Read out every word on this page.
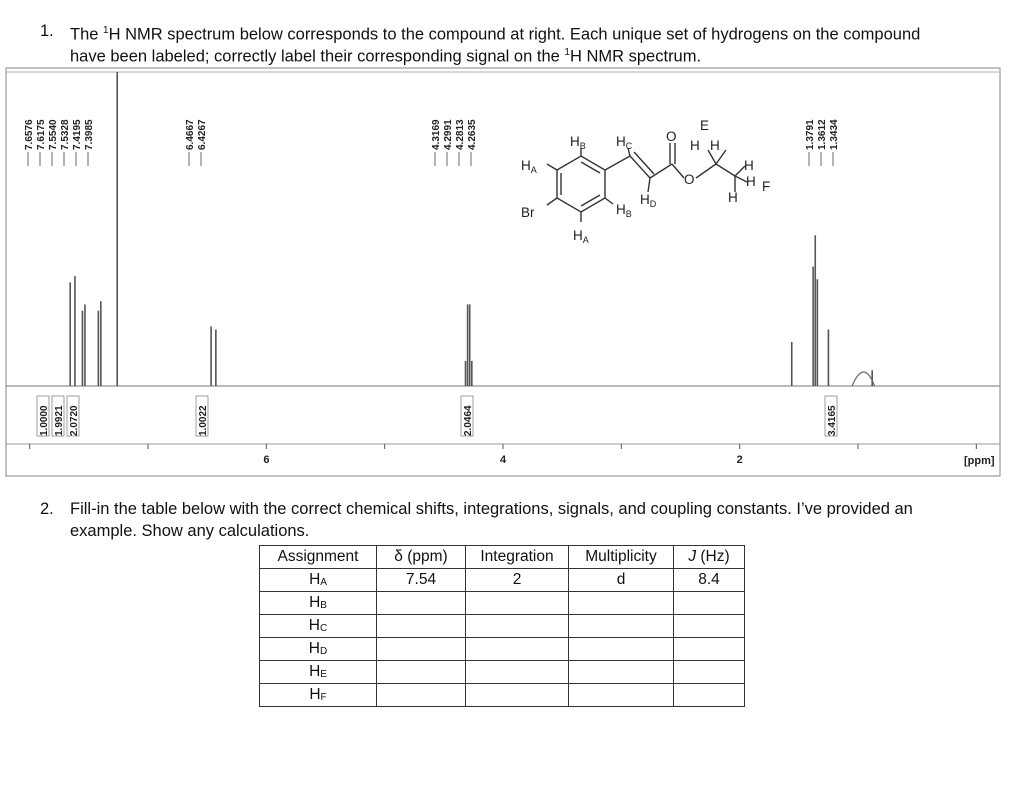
1. The $^1$H NMR spectrum below corresponds to the compound at right. Each unique set of hydrogens on the compound
have been labeled; correctly label their corresponding signal on the $^1$H NMR spectrum.
7.6576 7.6175 7.5540 7.5328 7.4195 7.3985	6.4667 6.4267	4.3169 4.2991 4.2813 4.2635	1.3791 1.3612 1.3434
1.0000 1.9921 2.0720	1.0022	2.0464	3.4165
6	4	2	[ppm]
$H_B$ $H_C$
O
E
H H
$H_A$
O
H
H
H
F
$H_D$
Br	$H_B$
$H_A$
2. Fill-in the table below with the correct chemical shifts, integrations, signals, and coupling constants. I’ve provided an
example. Show any calculations.
Assignment	δ (ppm)	Integration	Multiplicity	J (Hz)
$H_A$	7.54	2	d	8.4
$H_B$				
$H_C$				
$H_D$				
$H_E$				
$H_F$				
